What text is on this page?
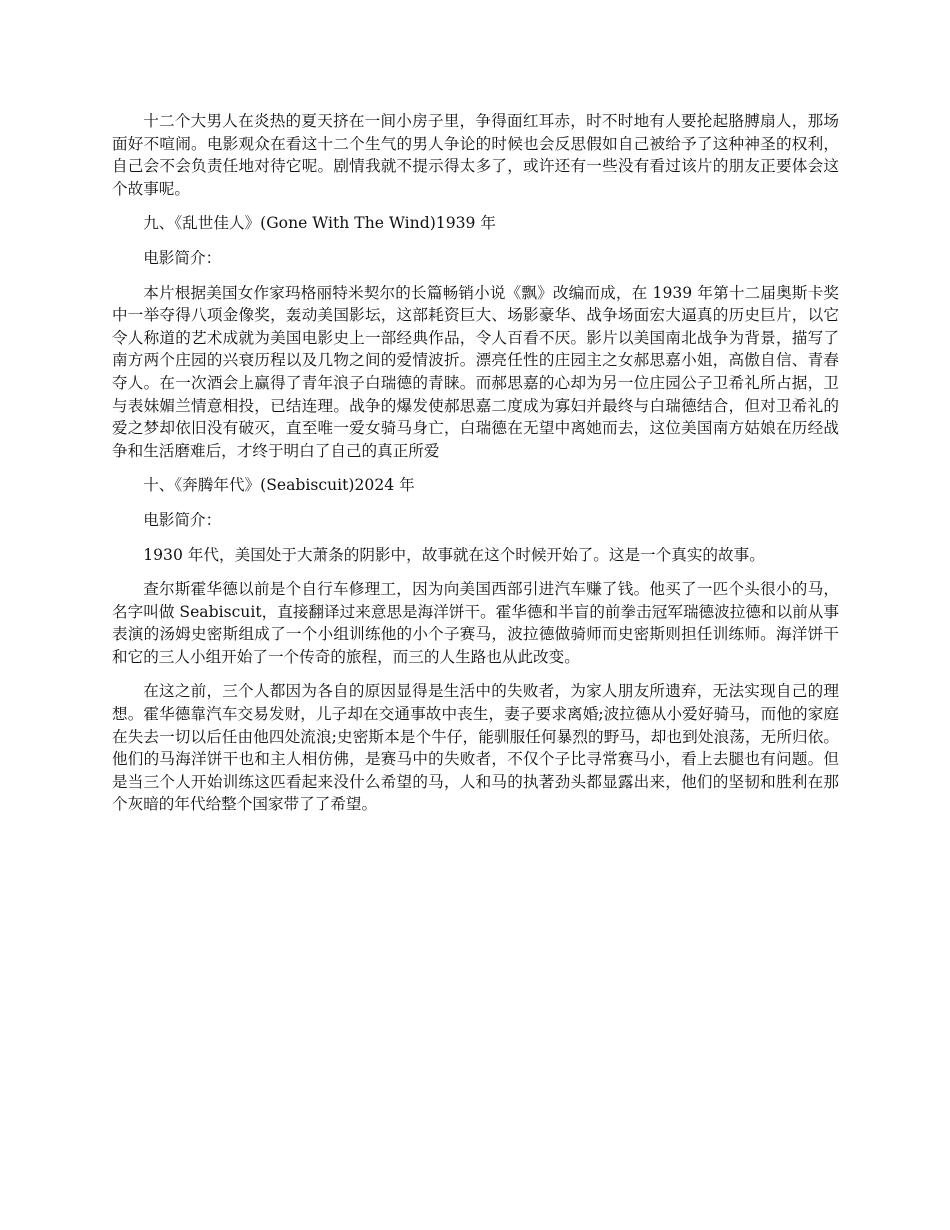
十二个大男人在炎热的夏天挤在一间小房子里，争得面红耳赤，时不时地有人要抡起胳膊扇人，那场面好不喧闹。电影观众在看这十二个生气的男人争论的时候也会反思假如自己被给予了这种神圣的权利，自己会不会负责任地对待它呢。剧情我就不提示得太多了，或许还有一些没有看过该片的朋友正要体会这个故事呢。

九、《乱世佳人》(Gone With The Wind)1939 年

电影简介：

本片根据美国女作家玛格丽特米契尔的长篇畅销小说《飘》改编而成，在 1939 年第十二届奥斯卡奖中一举夺得八项金像奖，轰动美国影坛，这部耗资巨大、场影豪华、战争场面宏大逼真的历史巨片，以它令人称道的艺术成就为美国电影史上一部经典作品，令人百看不厌。影片以美国南北战争为背景，描写了南方两个庄园的兴衰历程以及几物之间的爱情波折。漂亮任性的庄园主之女郝思嘉小姐，高傲自信、青春夺人。在一次酒会上赢得了青年浪子白瑞德的青睐。而郝思嘉的心却为另一位庄园公子卫希礼所占据，卫与表妹媚兰情意相投，已结连理。战争的爆发使郝思嘉二度成为寡妇并最终与白瑞德结合，但对卫希礼的爱之梦却依旧没有破灭，直至唯一爱女骑马身亡，白瑞德在无望中离她而去，这位美国南方姑娘在历经战争和生活磨难后，才终于明白了自己的真正所爱

十、《奔腾年代》(Seabiscuit)2024 年

电影简介：

1930 年代，美国处于大萧条的阴影中，故事就在这个时候开始了。这是一个真实的故事。

查尔斯霍华德以前是个自行车修理工，因为向美国西部引进汽车赚了钱。他买了一匹个头很小的马，名字叫做 Seabiscuit，直接翻译过来意思是海洋饼干。霍华德和半盲的前拳击冠军瑞德波拉德和以前从事表演的汤姆史密斯组成了一个小组训练他的小个子赛马，波拉德做骑师而史密斯则担任训练师。海洋饼干和它的三人小组开始了一个传奇的旅程，而三的人生路也从此改变。

在这之前，三个人都因为各自的原因显得是生活中的失败者，为家人朋友所遗弃，无法实现自己的理想。霍华德靠汽车交易发财，儿子却在交通事故中丧生，妻子要求离婚;波拉德从小爱好骑马，而他的家庭在失去一切以后任由他四处流浪;史密斯本是个牛仔，能驯服任何暴烈的野马，却也到处浪荡，无所归依。他们的马海洋饼干也和主人相仿佛，是赛马中的失败者，不仅个子比寻常赛马小，看上去腿也有问题。但是当三个人开始训练这匹看起来没什么希望的马，人和马的执著劲头都显露出来，他们的坚韧和胜利在那个灰暗的年代给整个国家带了了希望。
